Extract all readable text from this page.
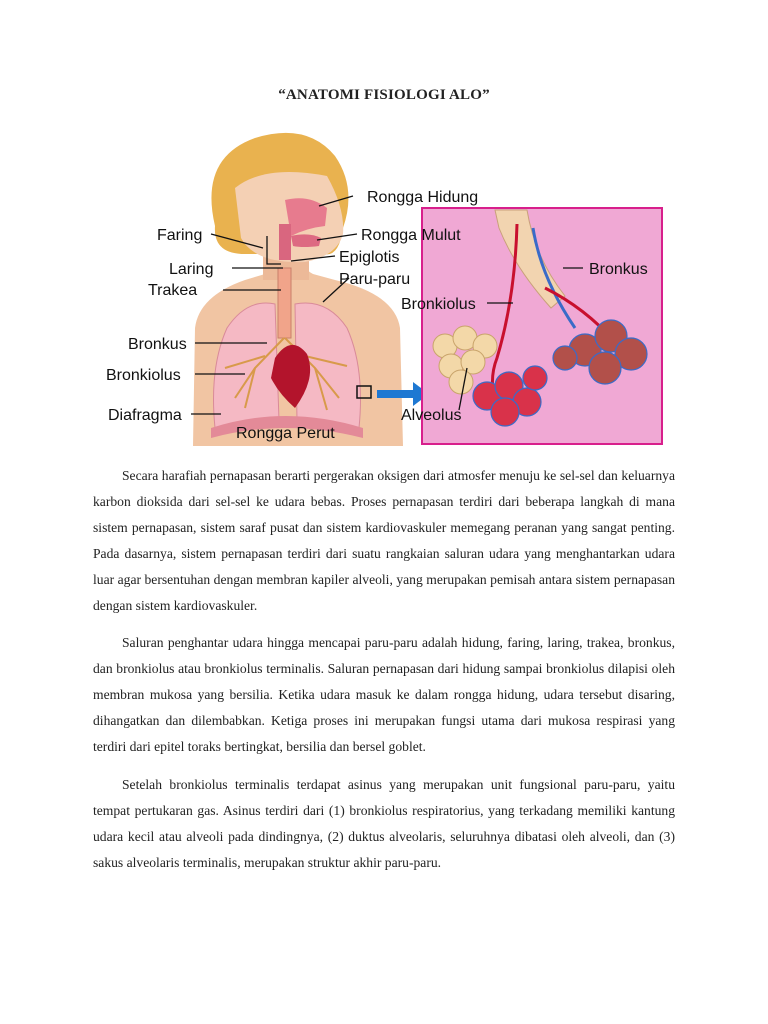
“ANATOMI FISIOLOGI ALO”
Rongga Hidung
Faring	Rongga Mulut
Epiglotis
Laring
Trakea
Paru-paru
Bronkus
Bronkiolus
Diafragma
Rongga Perut
Bronkus
Bronkiolus
Alveolus

Secara harafiah pernapasan berarti pergerakan oksigen dari atmosfer menuju ke sel-sel dan keluarnya karbon dioksida dari sel-sel ke udara bebas. Proses pernapasan terdiri dari beberapa langkah di mana sistem pernapasan, sistem saraf pusat dan sistem kardiovaskuler memegang peranan yang sangat penting. Pada dasarnya, sistem pernapasan terdiri dari suatu rangkaian saluran udara yang menghantarkan udara luar agar bersentuhan dengan membran kapiler alveoli, yang merupakan pemisah antara sistem pernapasan dengan sistem kardiovaskuler.

Saluran penghantar udara hingga mencapai paru-paru adalah hidung, faring, laring, trakea, bronkus, dan bronkiolus atau bronkiolus terminalis. Saluran pernapasan dari hidung sampai bronkiolus dilapisi oleh membran mukosa yang bersilia. Ketika udara masuk ke dalam rongga hidung, udara tersebut disaring, dihangatkan dan dilembabkan. Ketiga proses ini merupakan fungsi utama dari mukosa respirasi yang terdiri dari epitel toraks bertingkat, bersilia dan bersel goblet.

Setelah bronkiolus terminalis terdapat asinus yang merupakan unit fungsional paru-paru, yaitu tempat pertukaran gas. Asinus terdiri dari (1) bronkiolus respiratorius, yang terkadang memiliki kantung udara kecil atau alveoli pada dindingnya, (2) duktus alveolaris, seluruhnya dibatasi oleh alveoli, dan (3) sakus alveolaris terminalis, merupakan struktur akhir paru-paru.
